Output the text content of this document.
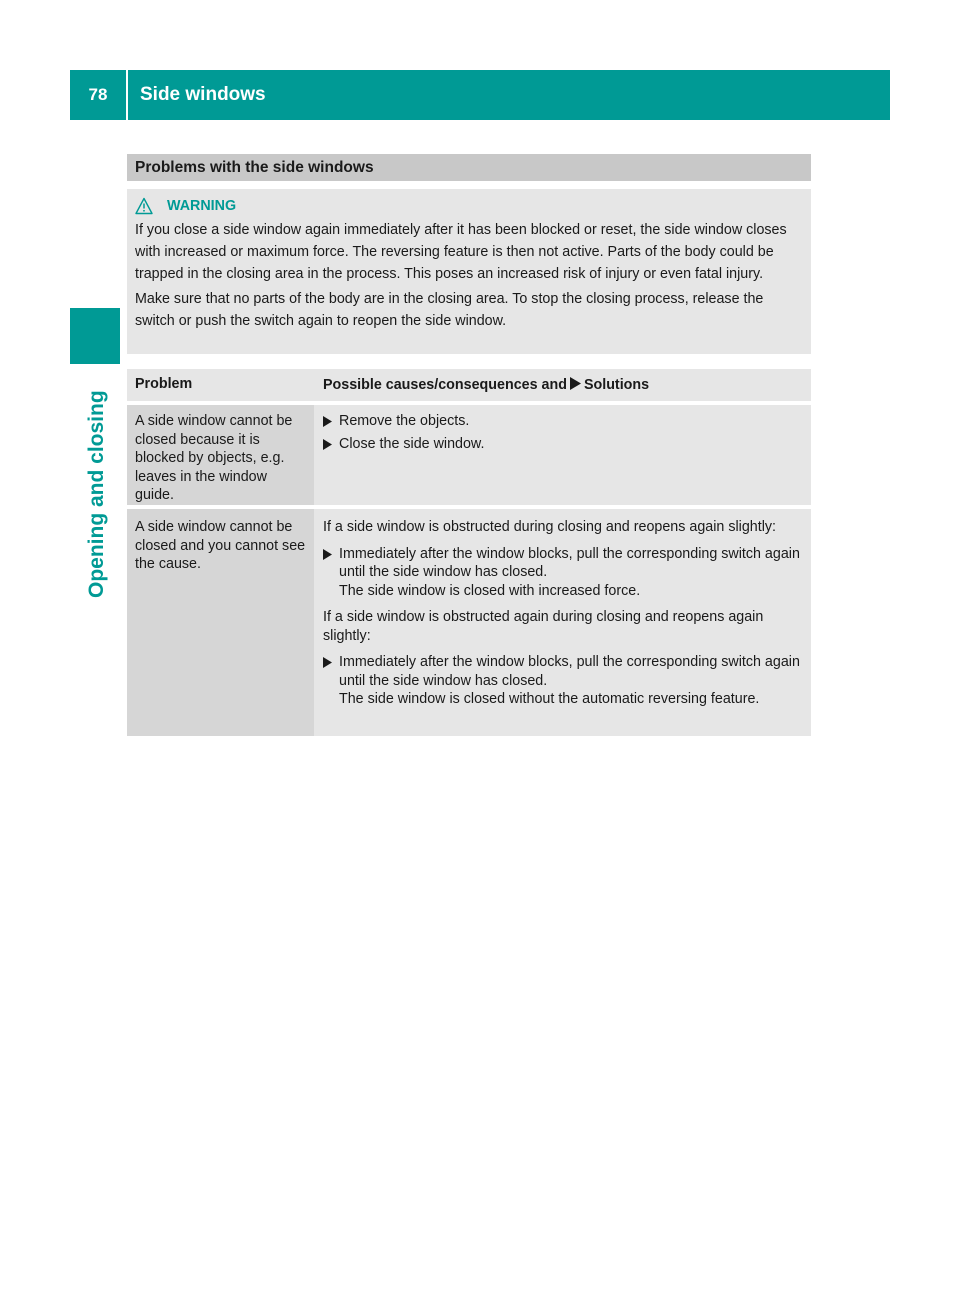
78	Side windows
Opening and closing
Problems with the side windows
WARNING

If you close a side window again immediately after it has been blocked or reset, the side window closes with increased or maximum force. The reversing feature is then not active. Parts of the body could be trapped in the closing area in the process. This poses an increased risk of injury or even fatal injury.

Make sure that no parts of the body are in the closing area. To stop the closing process, release the switch or push the switch again to reopen the side window.

Problem	Possible causes/consequences and Solutions
A side window cannot be closed because it is blocked by objects, e.g. leaves in the window guide.
Remove the objects.
Close the side window.
A side window cannot be closed and you cannot see the cause.

If a side window is obstructed during closing and reopens again slightly:

Immediately after the window blocks, pull the corresponding switch again until the side window has closed.
The side window is closed with increased force.

If a side window is obstructed again during closing and reopens again slightly:

Immediately after the window blocks, pull the corresponding switch again until the side window has closed.
The side window is closed without the automatic reversing feature.
